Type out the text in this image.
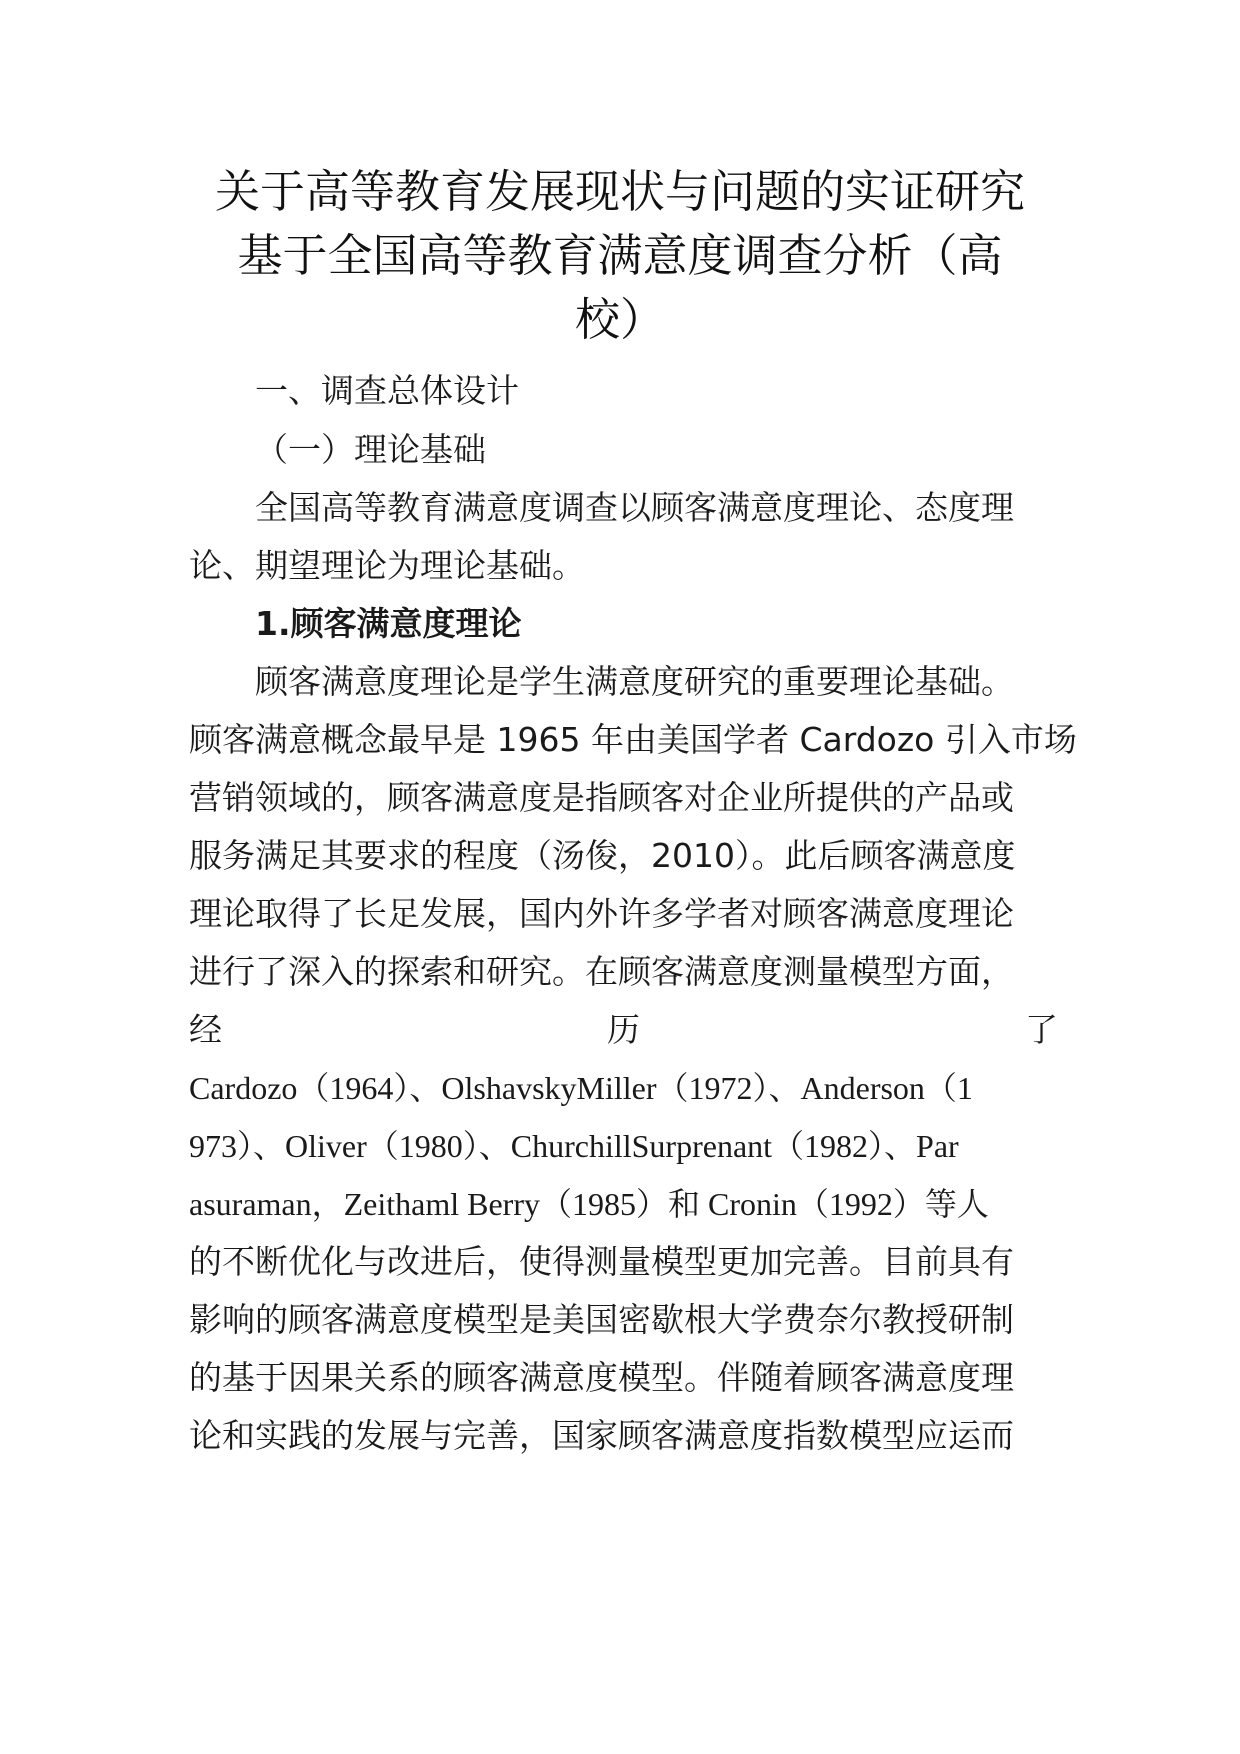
关于高等教育发展现状与问题的实证研究
基于全国高等教育满意度调查分析（高
校）
一、调查总体设计
（一）理论基础
全国高等教育满意度调查以顾客满意度理论、态度理
论、期望理论为理论基础。
1.顾客满意度理论
顾客满意度理论是学生满意度研究的重要理论基础。
顾客满意概念最早是 1965 年由美国学者 Cardozo 引入市场
营销领域的，顾客满意度是指顾客对企业所提供的产品或
服务满足其要求的程度（汤俊，2010）。此后顾客满意度
理论取得了长足发展，国内外许多学者对顾客满意度理论
进行了深入的探索和研究。在顾客满意度测量模型方面，
经	历	了
Cardozo（1964）、OlshavskyMiller（1972）、Anderson（1
973）、Oliver（1980）、ChurchillSurprenant（1982）、Par
asuraman，Zeithaml Berry（1985）和 Cronin（1992）等人
的不断优化与改进后，使得测量模型更加完善。目前具有
影响的顾客满意度模型是美国密歇根大学费奈尔教授研制
的基于因果关系的顾客满意度模型。伴随着顾客满意度理
论和实践的发展与完善，国家顾客满意度指数模型应运而
